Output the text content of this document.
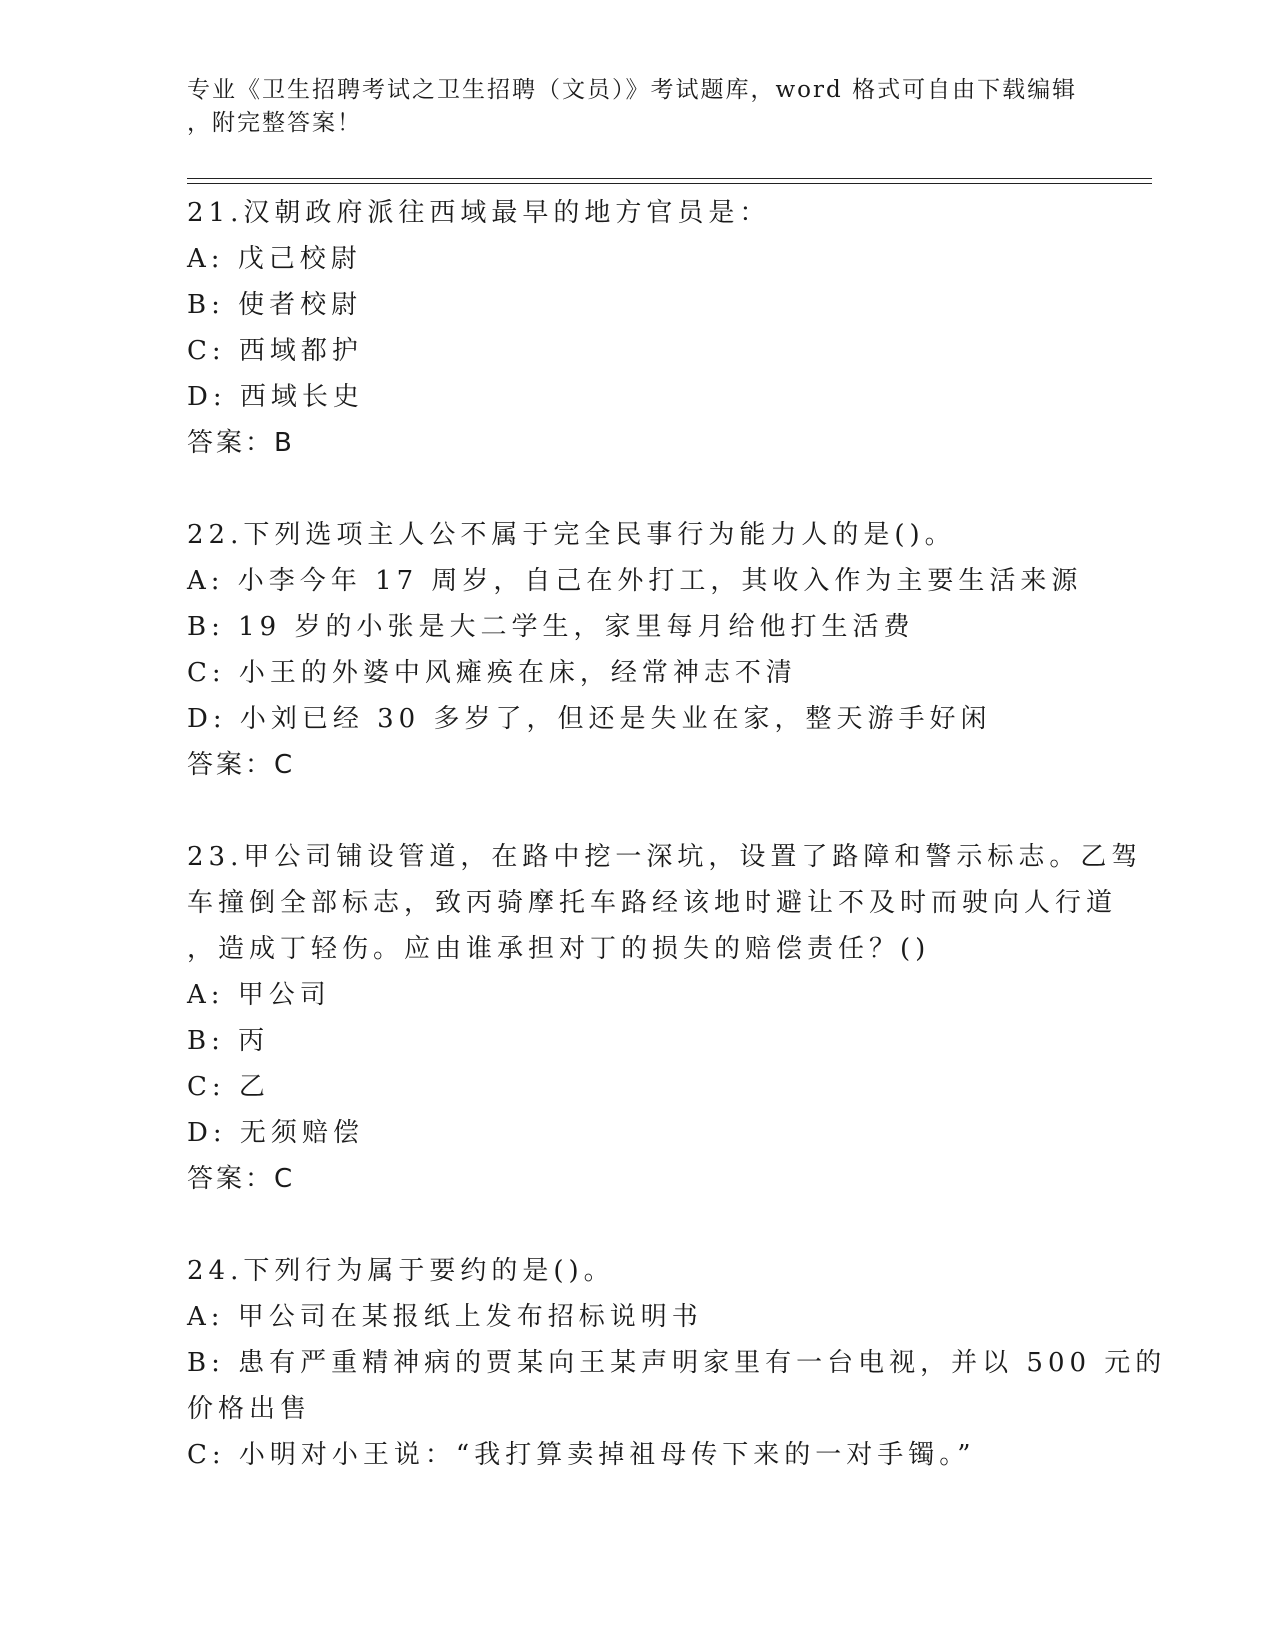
专业《卫生招聘考试之卫生招聘（文员）》考试题库，word 格式可自由下载编辑
，附完整答案！
21.汉朝政府派往西域最早的地方官员是：
A: 戊己校尉
B: 使者校尉
C: 西域都护
D: 西域长史
答案：B
22.下列选项主人公不属于完全民事行为能力人的是()。
A: 小李今年 17 周岁，自己在外打工，其收入作为主要生活来源
B: 19 岁的小张是大二学生，家里每月给他打生活费
C: 小王的外婆中风瘫痪在床，经常神志不清
D: 小刘已经 30 多岁了，但还是失业在家，整天游手好闲
答案：C
23.甲公司铺设管道，在路中挖一深坑，设置了路障和警示标志。乙驾
车撞倒全部标志，致丙骑摩托车路经该地时避让不及时而驶向人行道
，造成丁轻伤。应由谁承担对丁的损失的赔偿责任？()
A: 甲公司
B: 丙
C: 乙
D: 无须赔偿
答案：C
24.下列行为属于要约的是()。
A: 甲公司在某报纸上发布招标说明书
B: 患有严重精神病的贾某向王某声明家里有一台电视，并以 500 元的
价格出售
C: 小明对小王说：“我打算卖掉祖母传下来的一对手镯。”
